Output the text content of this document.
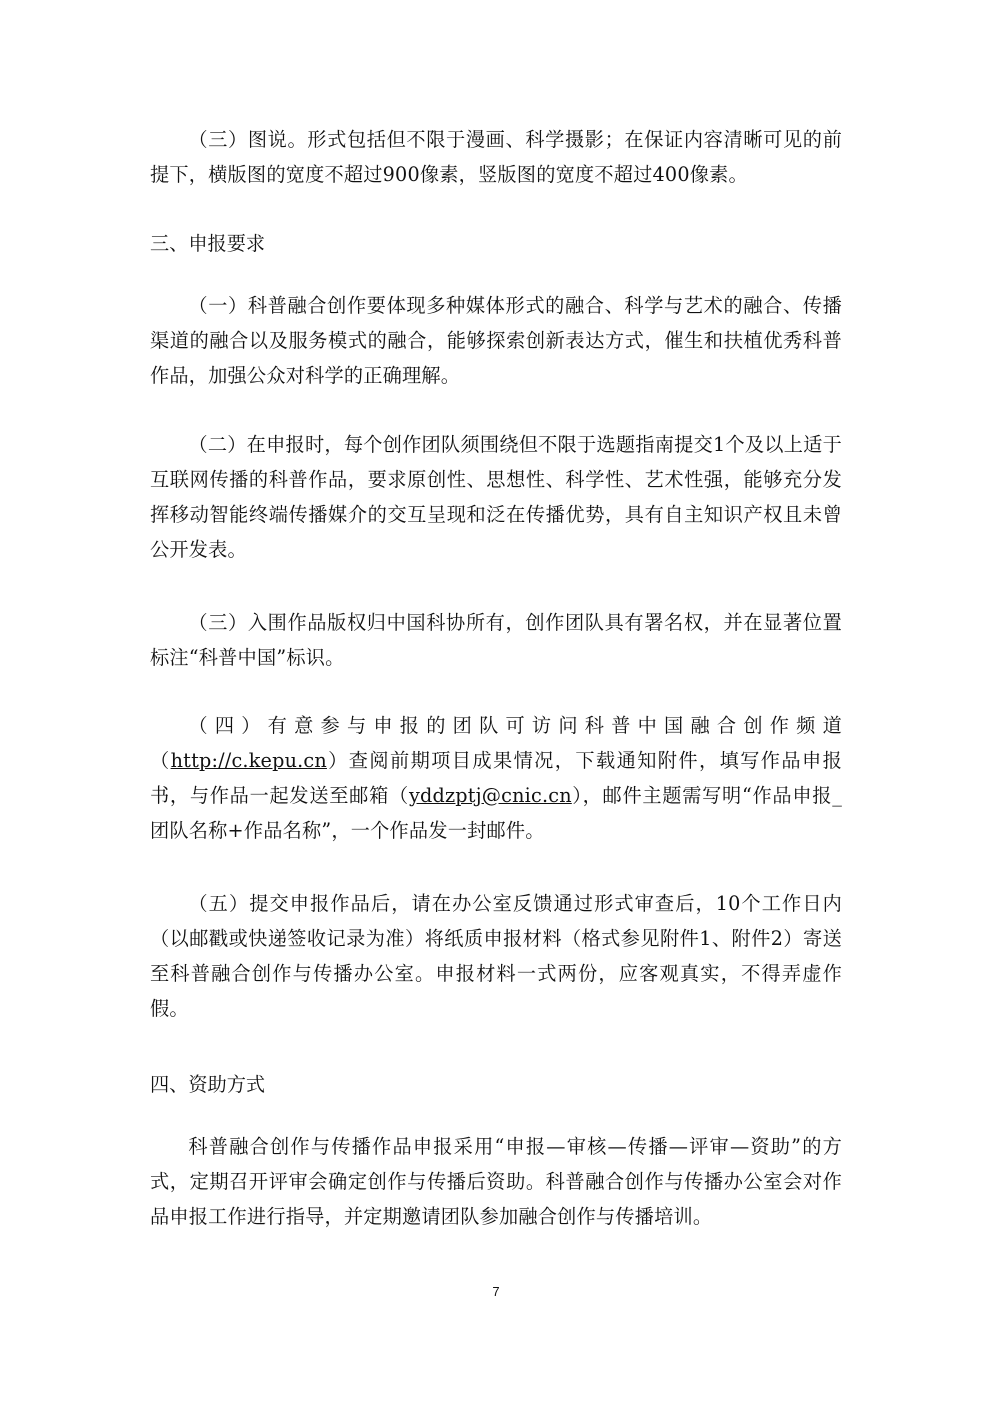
（三）图说。形式包括但不限于漫画、科学摄影；在保证内容清晰可见的前提下，横版图的宽度不超过900像素，竖版图的宽度不超过400像素。

三、申报要求

（一）科普融合创作要体现多种媒体形式的融合、科学与艺术的融合、传播渠道的融合以及服务模式的融合，能够探索创新表达方式，催生和扶植优秀科普作品，加强公众对科学的正确理解。

（二）在申报时，每个创作团队须围绕但不限于选题指南提交1个及以上适于互联网传播的科普作品，要求原创性、思想性、科学性、艺术性强，能够充分发挥移动智能终端传播媒介的交互呈现和泛在传播优势，具有自主知识产权且未曾公开发表。

（三）入围作品版权归中国科协所有，创作团队具有署名权，并在显著位置标注“科普中国”标识。

（四）有意参与申报的团队可访问科普中国融合创作频道（http://c.kepu.cn）查阅前期项目成果情况，下载通知附件，填写作品申报书，与作品一起发送至邮箱（yddzptj@cnic.cn），邮件主题需写明“作品申报_团队名称+作品名称”，一个作品发一封邮件。

（五）提交申报作品后，请在办公室反馈通过形式审查后，10个工作日内（以邮戳或快递签收记录为准）将纸质申报材料（格式参见附件1、附件2）寄送至科普融合创作与传播办公室。申报材料一式两份，应客观真实，不得弄虚作假。

四、资助方式

科普融合创作与传播作品申报采用“申报—审核—传播—评审—资助”的方式，定期召开评审会确定创作与传播后资助。科普融合创作与传播办公室会对作品申报工作进行指导，并定期邀请团队参加融合创作与传播培训。

7
